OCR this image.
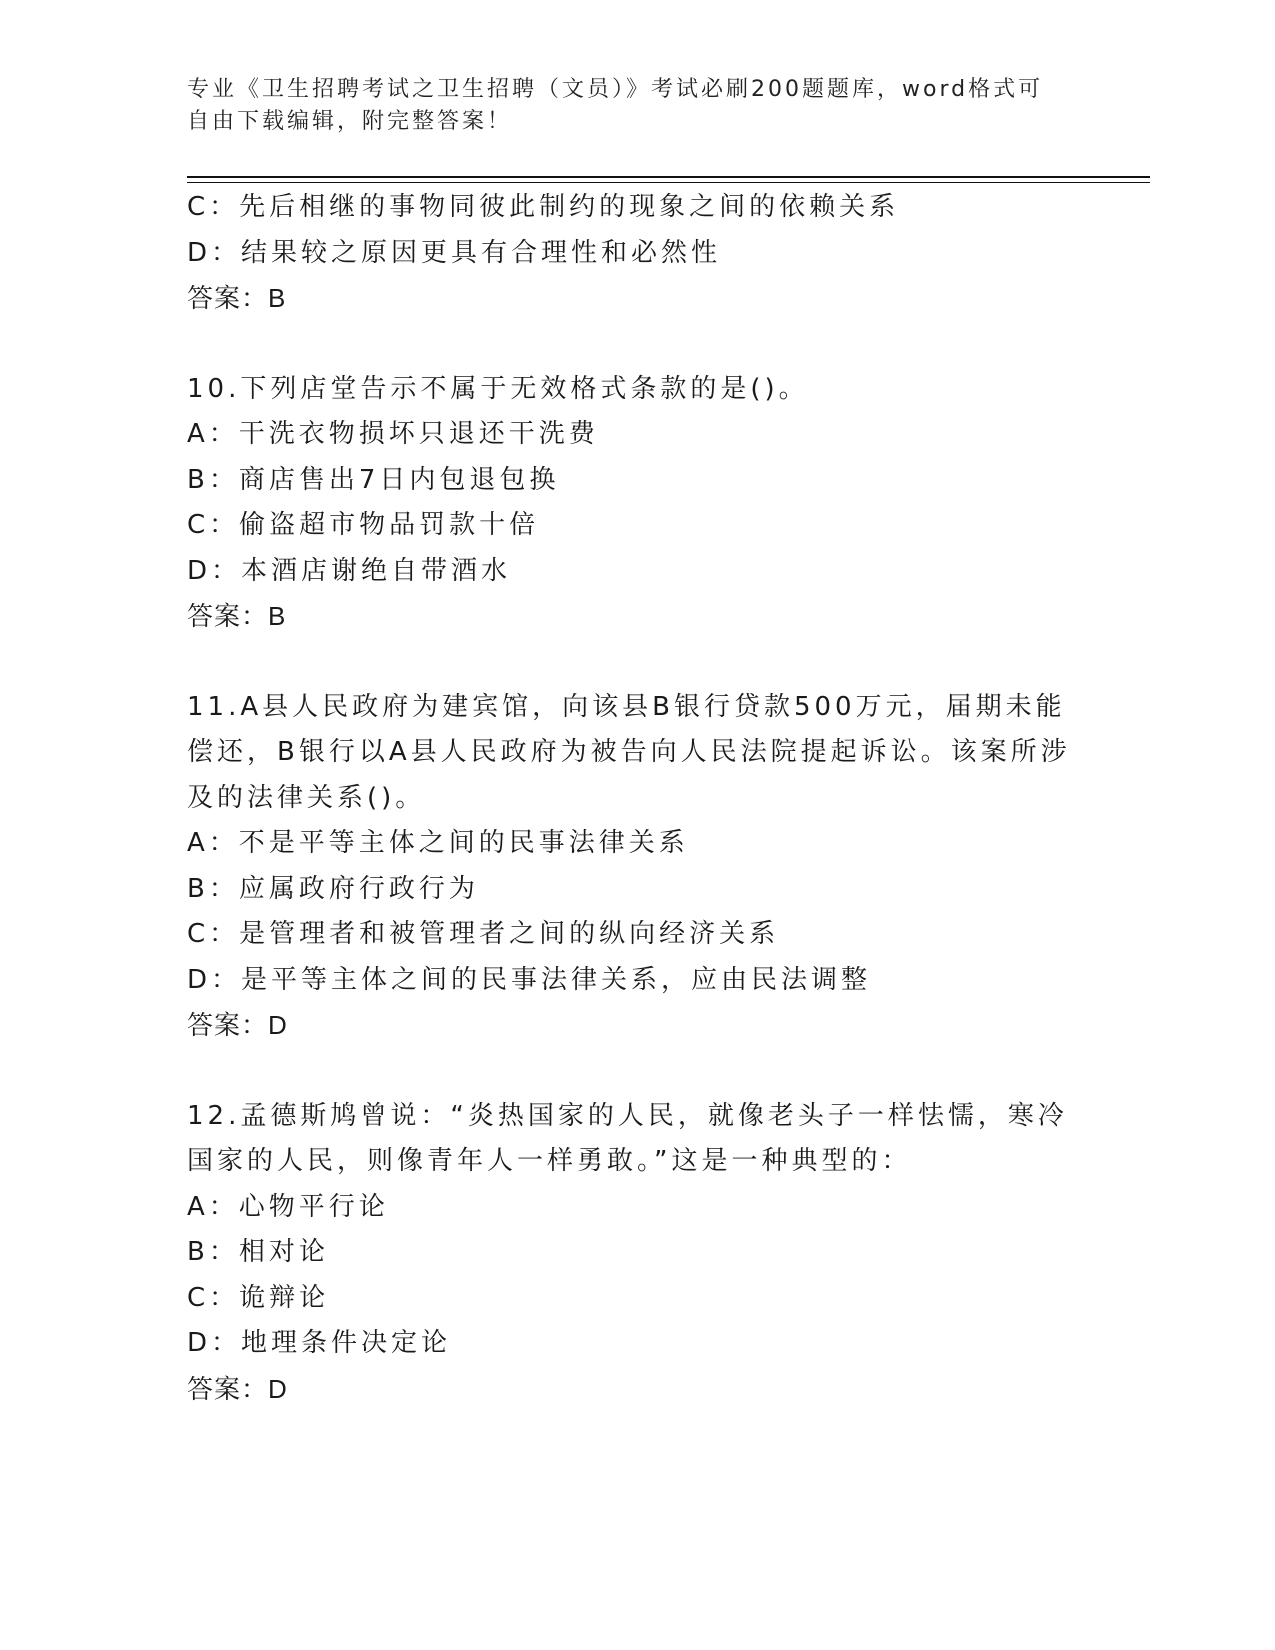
专业《卫生招聘考试之卫生招聘（文员）》考试必刷200题题库，word格式可自由下载编辑，附完整答案！

C：先后相继的事物同彼此制约的现象之间的依赖关系

D：结果较之原因更具有合理性和必然性

答案：B

10.下列店堂告示不属于无效格式条款的是()。

A：干洗衣物损坏只退还干洗费

B：商店售出7日内包退包换

C：偷盗超市物品罚款十倍

D：本酒店谢绝自带酒水

答案：B

11.A县人民政府为建宾馆，向该县B银行贷款500万元，届期未能偿还，B银行以A县人民政府为被告向人民法院提起诉讼。该案所涉及的法律关系()。

A：不是平等主体之间的民事法律关系

B：应属政府行政行为

C：是管理者和被管理者之间的纵向经济关系

D：是平等主体之间的民事法律关系，应由民法调整

答案：D

12.孟德斯鸠曾说：“炎热国家的人民，就像老头子一样怯懦，寒冷国家的人民，则像青年人一样勇敢。”这是一种典型的：

A：心物平行论

B：相对论

C：诡辩论

D：地理条件决定论

答案：D
